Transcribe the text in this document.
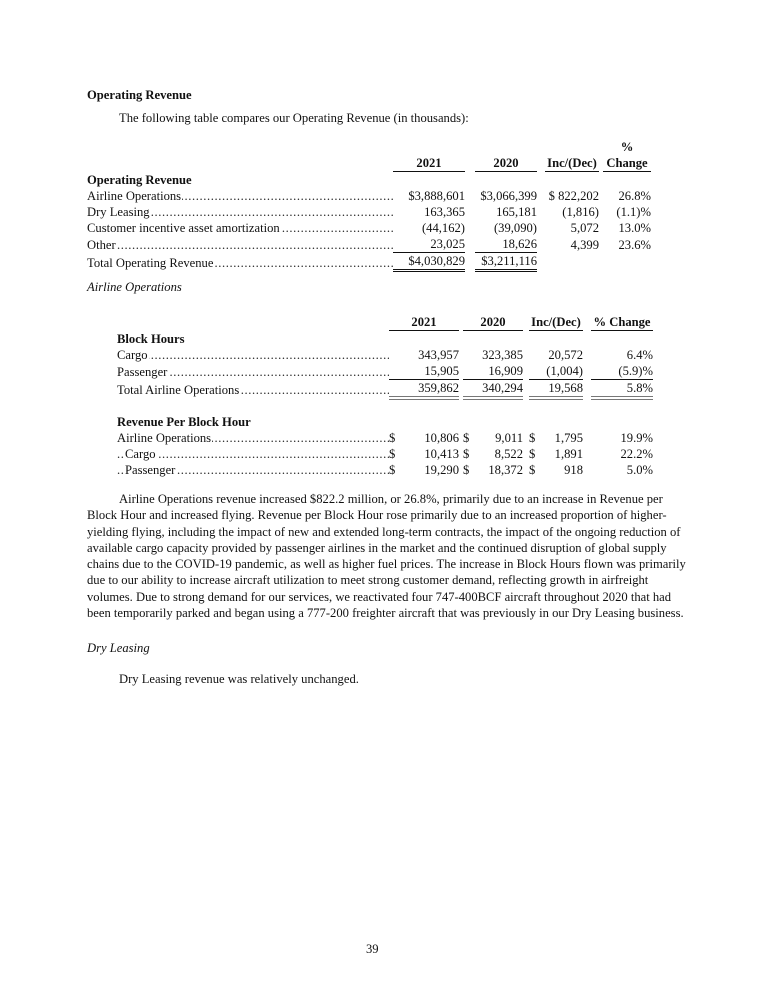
Operating Revenue
The following table compares our Operating Revenue (in thousands):
							%
	2021		2020		Inc/(Dec)		Change
Operating Revenue							
Airline Operations .....	$3,888,601		$3,066,399		$ 822,202		26.8%
Dry Leasing .....	163,365		165,181		(1,816)		(1.1)%
Customer incentive asset amortization .....	(44,162)		(39,090)		5,072		13.0%
Other .....	23,025		18,626		4,399		23.6%
Total Operating Revenue .....	$4,030,829		$3,211,116				
Airline Operations
	2021			2020			Inc/(Dec)			% Change
Block Hours										
Cargo .....	343,957			323,385			20,572			6.4%
Passenger .....	15,905			16,909			(1,004)			(5.9)%
Total Airline Operations .....	359,862			340,294			19,568			5.8%

Revenue Per Block Hour										
Airline Operations .....	$	10,806		$	9,011		$	1,795		19.9%
Cargo .....	$	10,413		$	8,522		$	1,891		22.2%
Passenger .....	$	19,290		$	18,372		$	918		5.0%
Airline Operations revenue increased $822.2 million, or 26.8%, primarily due to an increase in Revenue per Block Hour and increased flying. Revenue per Block Hour rose primarily due to an increased proportion of higher-yielding flying, including the impact of new and extended long-term contracts, the impact of the ongoing reduction of available cargo capacity provided by passenger airlines in the market and the continued disruption of global supply chains due to the COVID-19 pandemic, as well as higher fuel prices. The increase in Block Hours flown was primarily due to our ability to increase aircraft utilization to meet strong customer demand, reflecting growth in airfreight volumes. Due to strong demand for our services, we reactivated four 747-400BCF aircraft throughout 2020 that had been temporarily parked and began using a 777-200 freighter aircraft that was previously in our Dry Leasing business.
Dry Leasing
Dry Leasing revenue was relatively unchanged.
39
